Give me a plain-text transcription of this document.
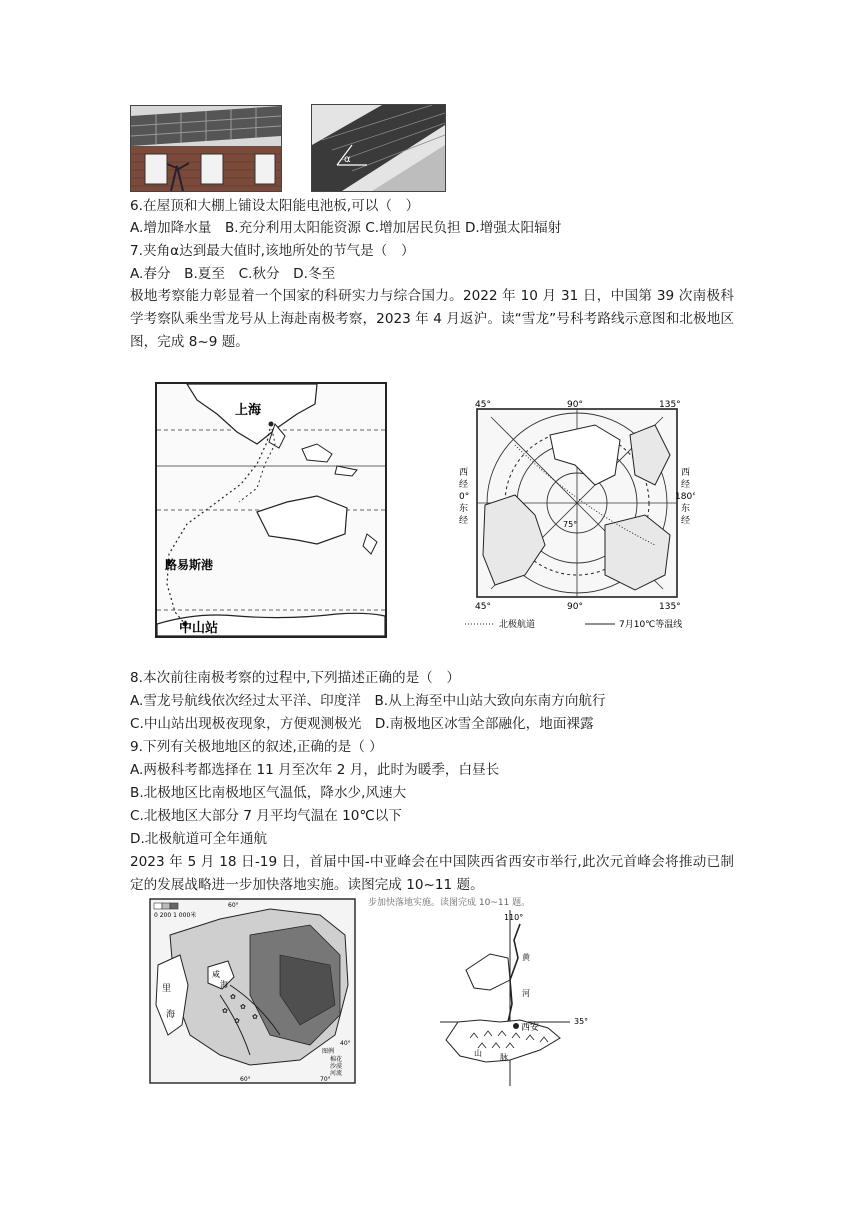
α
6.在屋顶和大棚上铺设太阳能电池板,可以（　）
A.增加降水量　B.充分利用太阳能资源 C.增加居民负担 D.增强太阳辐射
7.夹角α达到最大值时,该地所处的节气是（　）
A.春分　B.夏至　C.秋分　D.冬至
极地考察能力彰显着一个国家的科研实力与综合国力。2022 年 10 月 31 日，中国第 39 次南极科学考察队乘坐雪龙号从上海赴南极考察，2023 年 4 月返沪。读“雪龙”号科考路线示意图和北极地区图，完成 8~9 题。
上海
路易斯港
中山站
75°
45°	90°	135°
45°	90°	135°
西
经
0°
东
经
西
经
180°
东
经
北极航道	7月10℃等温线
8.本次前往南极考察的过程中,下列描述正确的是（　）
A.雪龙号航线依次经过太平洋、印度洋　B.从上海至中山站大致向东南方向航行
C.中山站出现极夜现象，方便观测极光　D.南极地区冰雪全部融化，地面裸露
9.下列有关极地地区的叙述,正确的是（ ）
A.两极科考都选择在 11 月至次年 2 月，此时为暖季，白昼长
B.北极地区比南极地区气温低，降水少,风速大
C.北极地区大部分 7 月平均气温在 10℃以下
D.北极航道可全年通航
2023 年 5 月 18 日-19 日，首届中国-中亚峰会在中国陕西省西安市举行,此次元首峰会将推动已制定的发展战略进一步加快落地实施。读图完成 10~11 题。
0 200 1 000米
60°
40°
60°	70°
里
海
咸
海
✿
✿
✿
✿
✿
图例
棉花
沙漠
河流
步加快落地实施。读图完成 10~11 题。
110°
35°
西安
黄
河
山 脉
